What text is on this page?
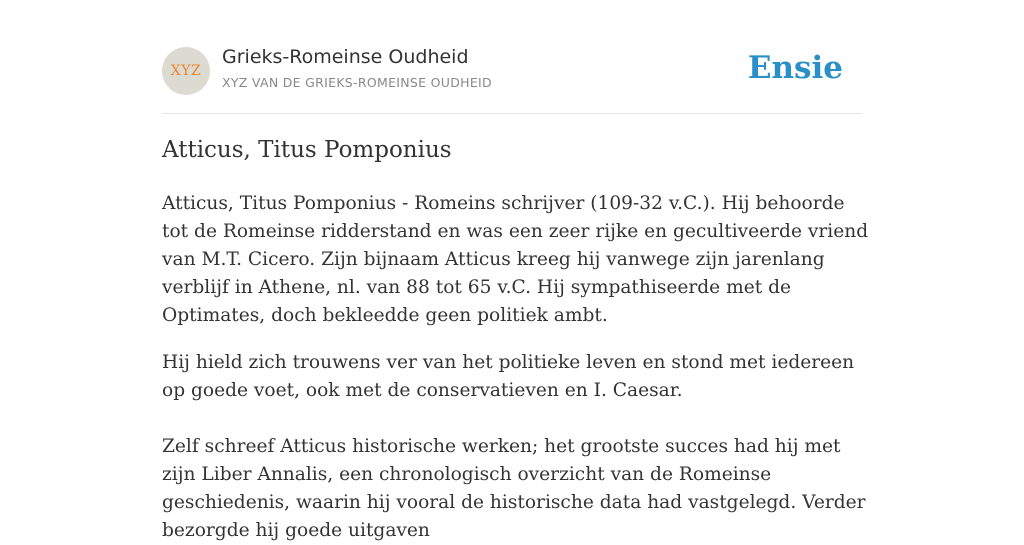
XYZ
Grieks-Romeinse Oudheid
XYZ VAN DE GRIEKS-ROMEINSE OUDHEID	Ensie
Atticus, Titus Pomponius

Atticus, Titus Pomponius - Romeins schrijver (109-32 v.C.). Hij behoorde tot de Romeinse ridderstand en was een zeer rijke en gecultiveerde vriend van M.T. Cicero. Zijn bijnaam Atticus kreeg hij vanwege zijn jarenlang verblijf in Athene, nl. van 88 tot 65 v.C. Hij sympathiseerde met de Optimates, doch bekleedde geen politiek ambt.

Hij hield zich trouwens ver van het politieke leven en stond met iedereen op goede voet, ook met de conservatieven en I. Caesar.

Zelf schreef Atticus historische werken; het grootste succes had hij met zijn Liber Annalis, een chronologisch overzicht van de Romeinse geschiedenis, waarin hij vooral de historische data had vastgelegd. Verder bezorgde hij goede uitgaven
